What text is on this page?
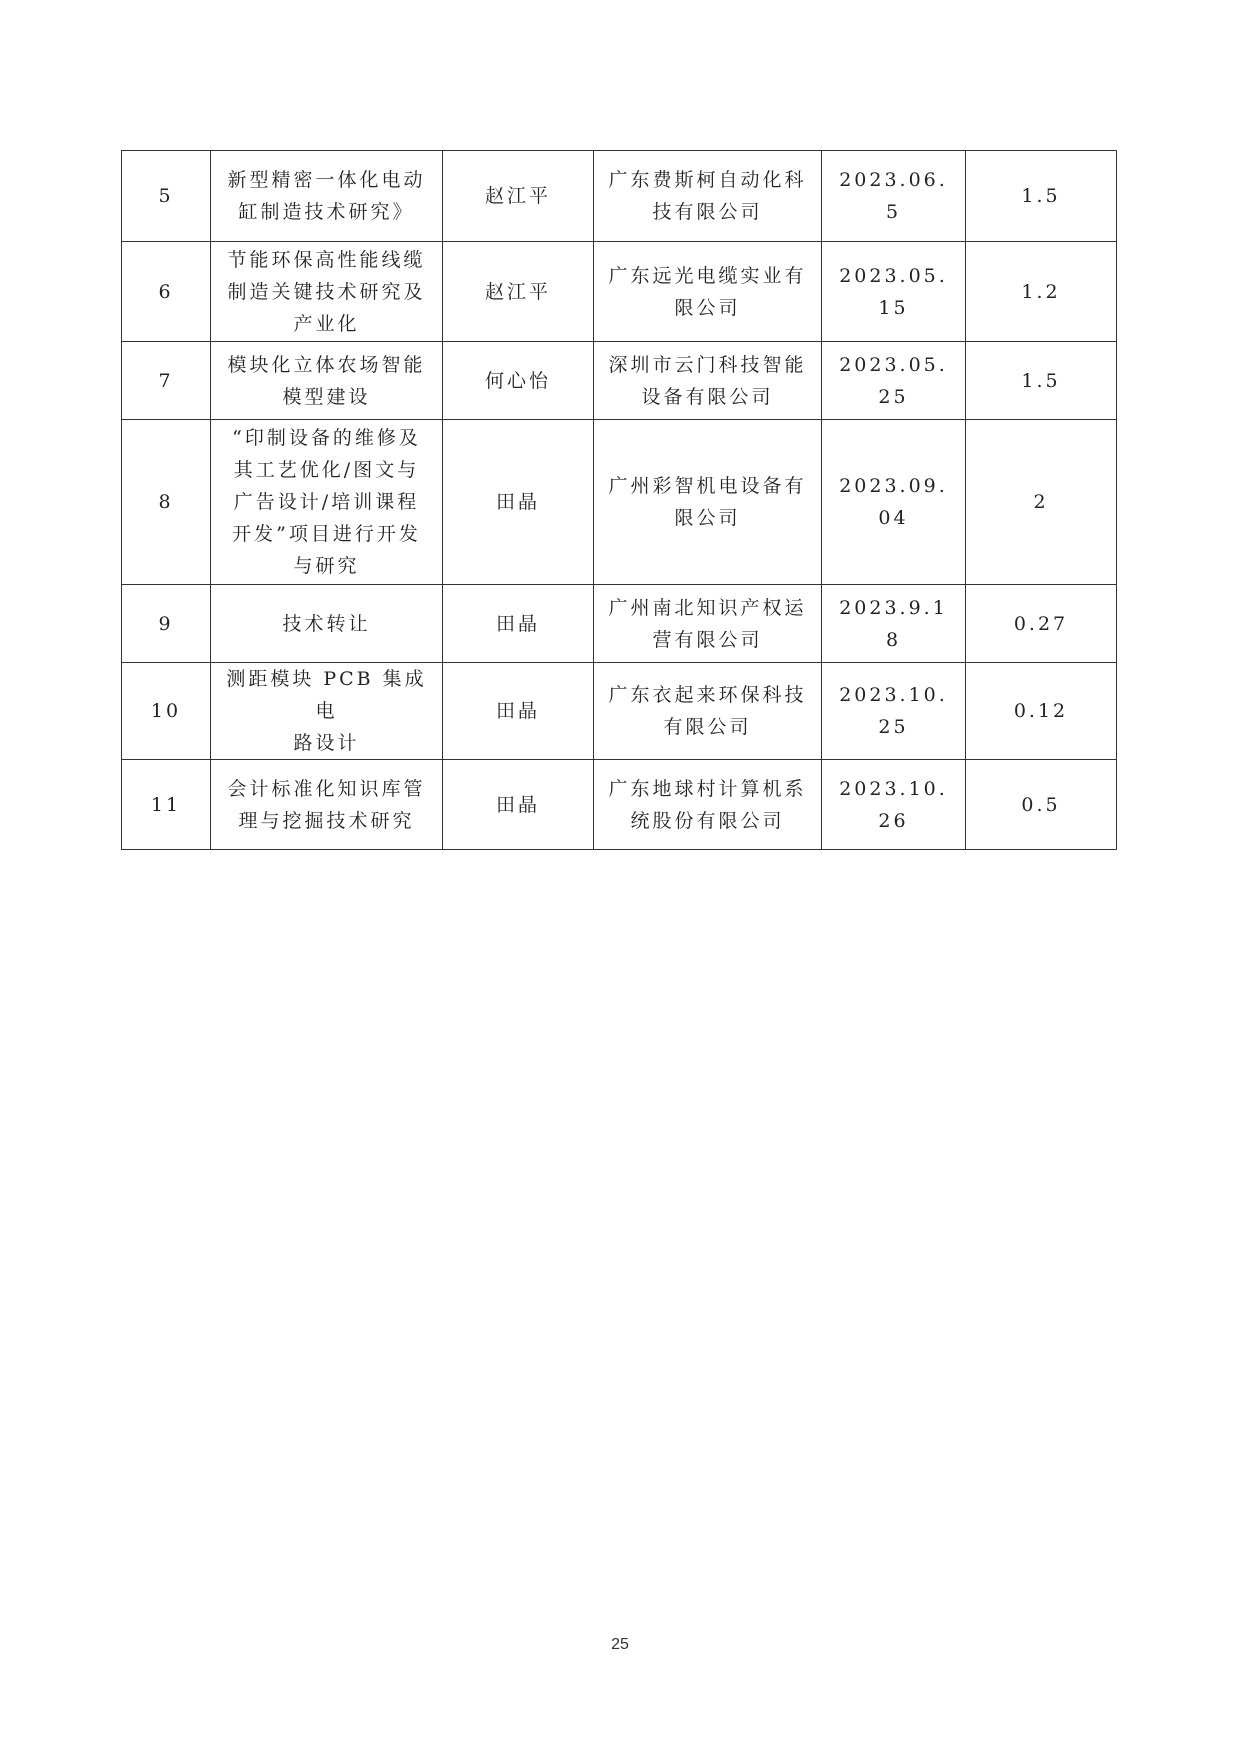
5	新型精密一体化电动
缸制造技术研究》	赵江平	广东费斯柯自动化科
技有限公司	2023.06.5	1.5
6	节能环保高性能线缆
制造关键技术研究及
产业化	赵江平	广东远光电缆实业有
限公司	2023.05.15	1.2
7	模块化立体农场智能
模型建设	何心怡	深圳市云门科技智能
设备有限公司	2023.05.25	1.5
8	“印制设备的维修及
其工艺优化/图文与
广告设计/培训课程
开发”项目进行开发
与研究	田晶	广州彩智机电设备有
限公司	2023.09.04	2
9	技术转让	田晶	广州南北知识产权运
营有限公司	2023.9.18	0.27
10	测距模块 PCB 集成电
路设计	田晶	广东衣起来环保科技
有限公司	2023.10.25	0.12
11	会计标准化知识库管
理与挖掘技术研究	田晶	广东地球村计算机系
统股份有限公司	2023.10.26	0.5
25
